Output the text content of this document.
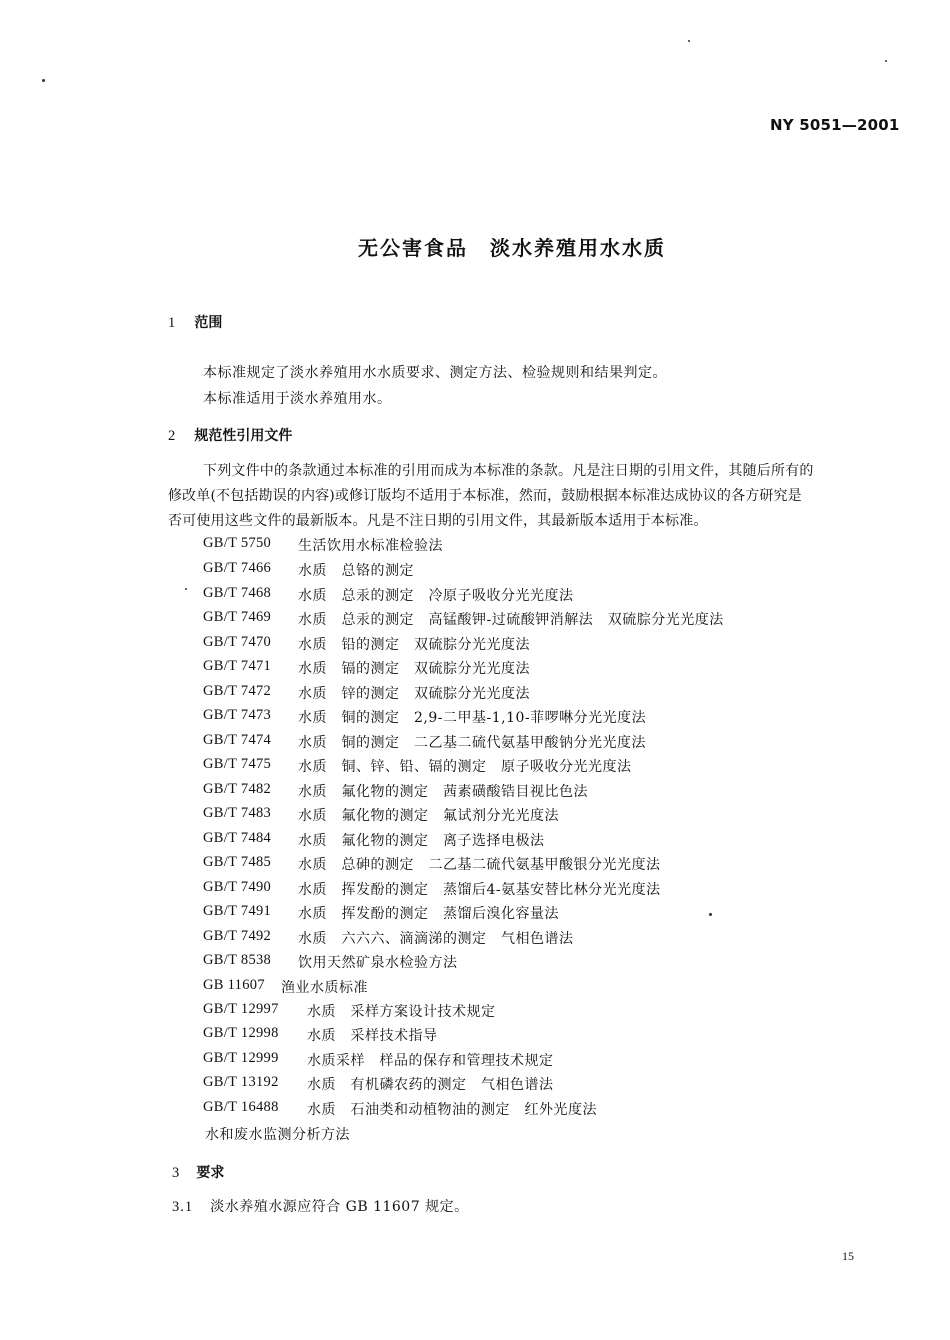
NY 5051—2001
无公害食品　淡水养殖用水水质
1 范围
本标准规定了淡水养殖用水水质要求、测定方法、检验规则和结果判定。
本标准适用于淡水养殖用水。
2 规范性引用文件
下列文件中的条款通过本标准的引用而成为本标准的条款。凡是注日期的引用文件，其随后所有的
修改单(不包括勘误的内容)或修订版均不适用于本标准，然而，鼓励根据本标准达成协议的各方研究是
否可使用这些文件的最新版本。凡是不注日期的引用文件，其最新版本适用于本标准。
GB/T 5750 生活饮用水标准检验法
GB/T 7466 水质　总铬的测定
GB/T 7468 水质　总汞的测定　冷原子吸收分光光度法
GB/T 7469 水质　总汞的测定　高锰酸钾-过硫酸钾消解法　双硫腙分光光度法
GB/T 7470 水质　铅的测定　双硫腙分光光度法
GB/T 7471 水质　镉的测定　双硫腙分光光度法
GB/T 7472 水质　锌的测定　双硫腙分光光度法
GB/T 7473 水质　铜的测定　2,9-二甲基-1,10-菲啰啉分光光度法
GB/T 7474 水质　铜的测定　二乙基二硫代氨基甲酸钠分光光度法
GB/T 7475 水质　铜、锌、铅、镉的测定　原子吸收分光光度法
GB/T 7482 水质　氟化物的测定　茜素磺酸锆目视比色法
GB/T 7483 水质　氟化物的测定　氟试剂分光光度法
GB/T 7484 水质　氟化物的测定　离子选择电极法
GB/T 7485 水质　总砷的测定　二乙基二硫代氨基甲酸银分光光度法
GB/T 7490 水质　挥发酚的测定　蒸馏后4-氨基安替比林分光光度法
GB/T 7491 水质　挥发酚的测定　蒸馏后溴化容量法
GB/T 7492 水质　六六六、滴滴涕的测定　气相色谱法
GB/T 8538 饮用天然矿泉水检验方法
GB 11607 渔业水质标准
GB/T 12997 水质　采样方案设计技术规定
GB/T 12998 水质　采样技术指导
GB/T 12999 水质采样　样品的保存和管理技术规定
GB/T 13192 水质　有机磷农药的测定　气相色谱法
GB/T 16488 水质　石油类和动植物油的测定　红外光度法
水和废水监测分析方法
3 要求
3.1 淡水养殖水源应符合 GB 11607 规定。
15
